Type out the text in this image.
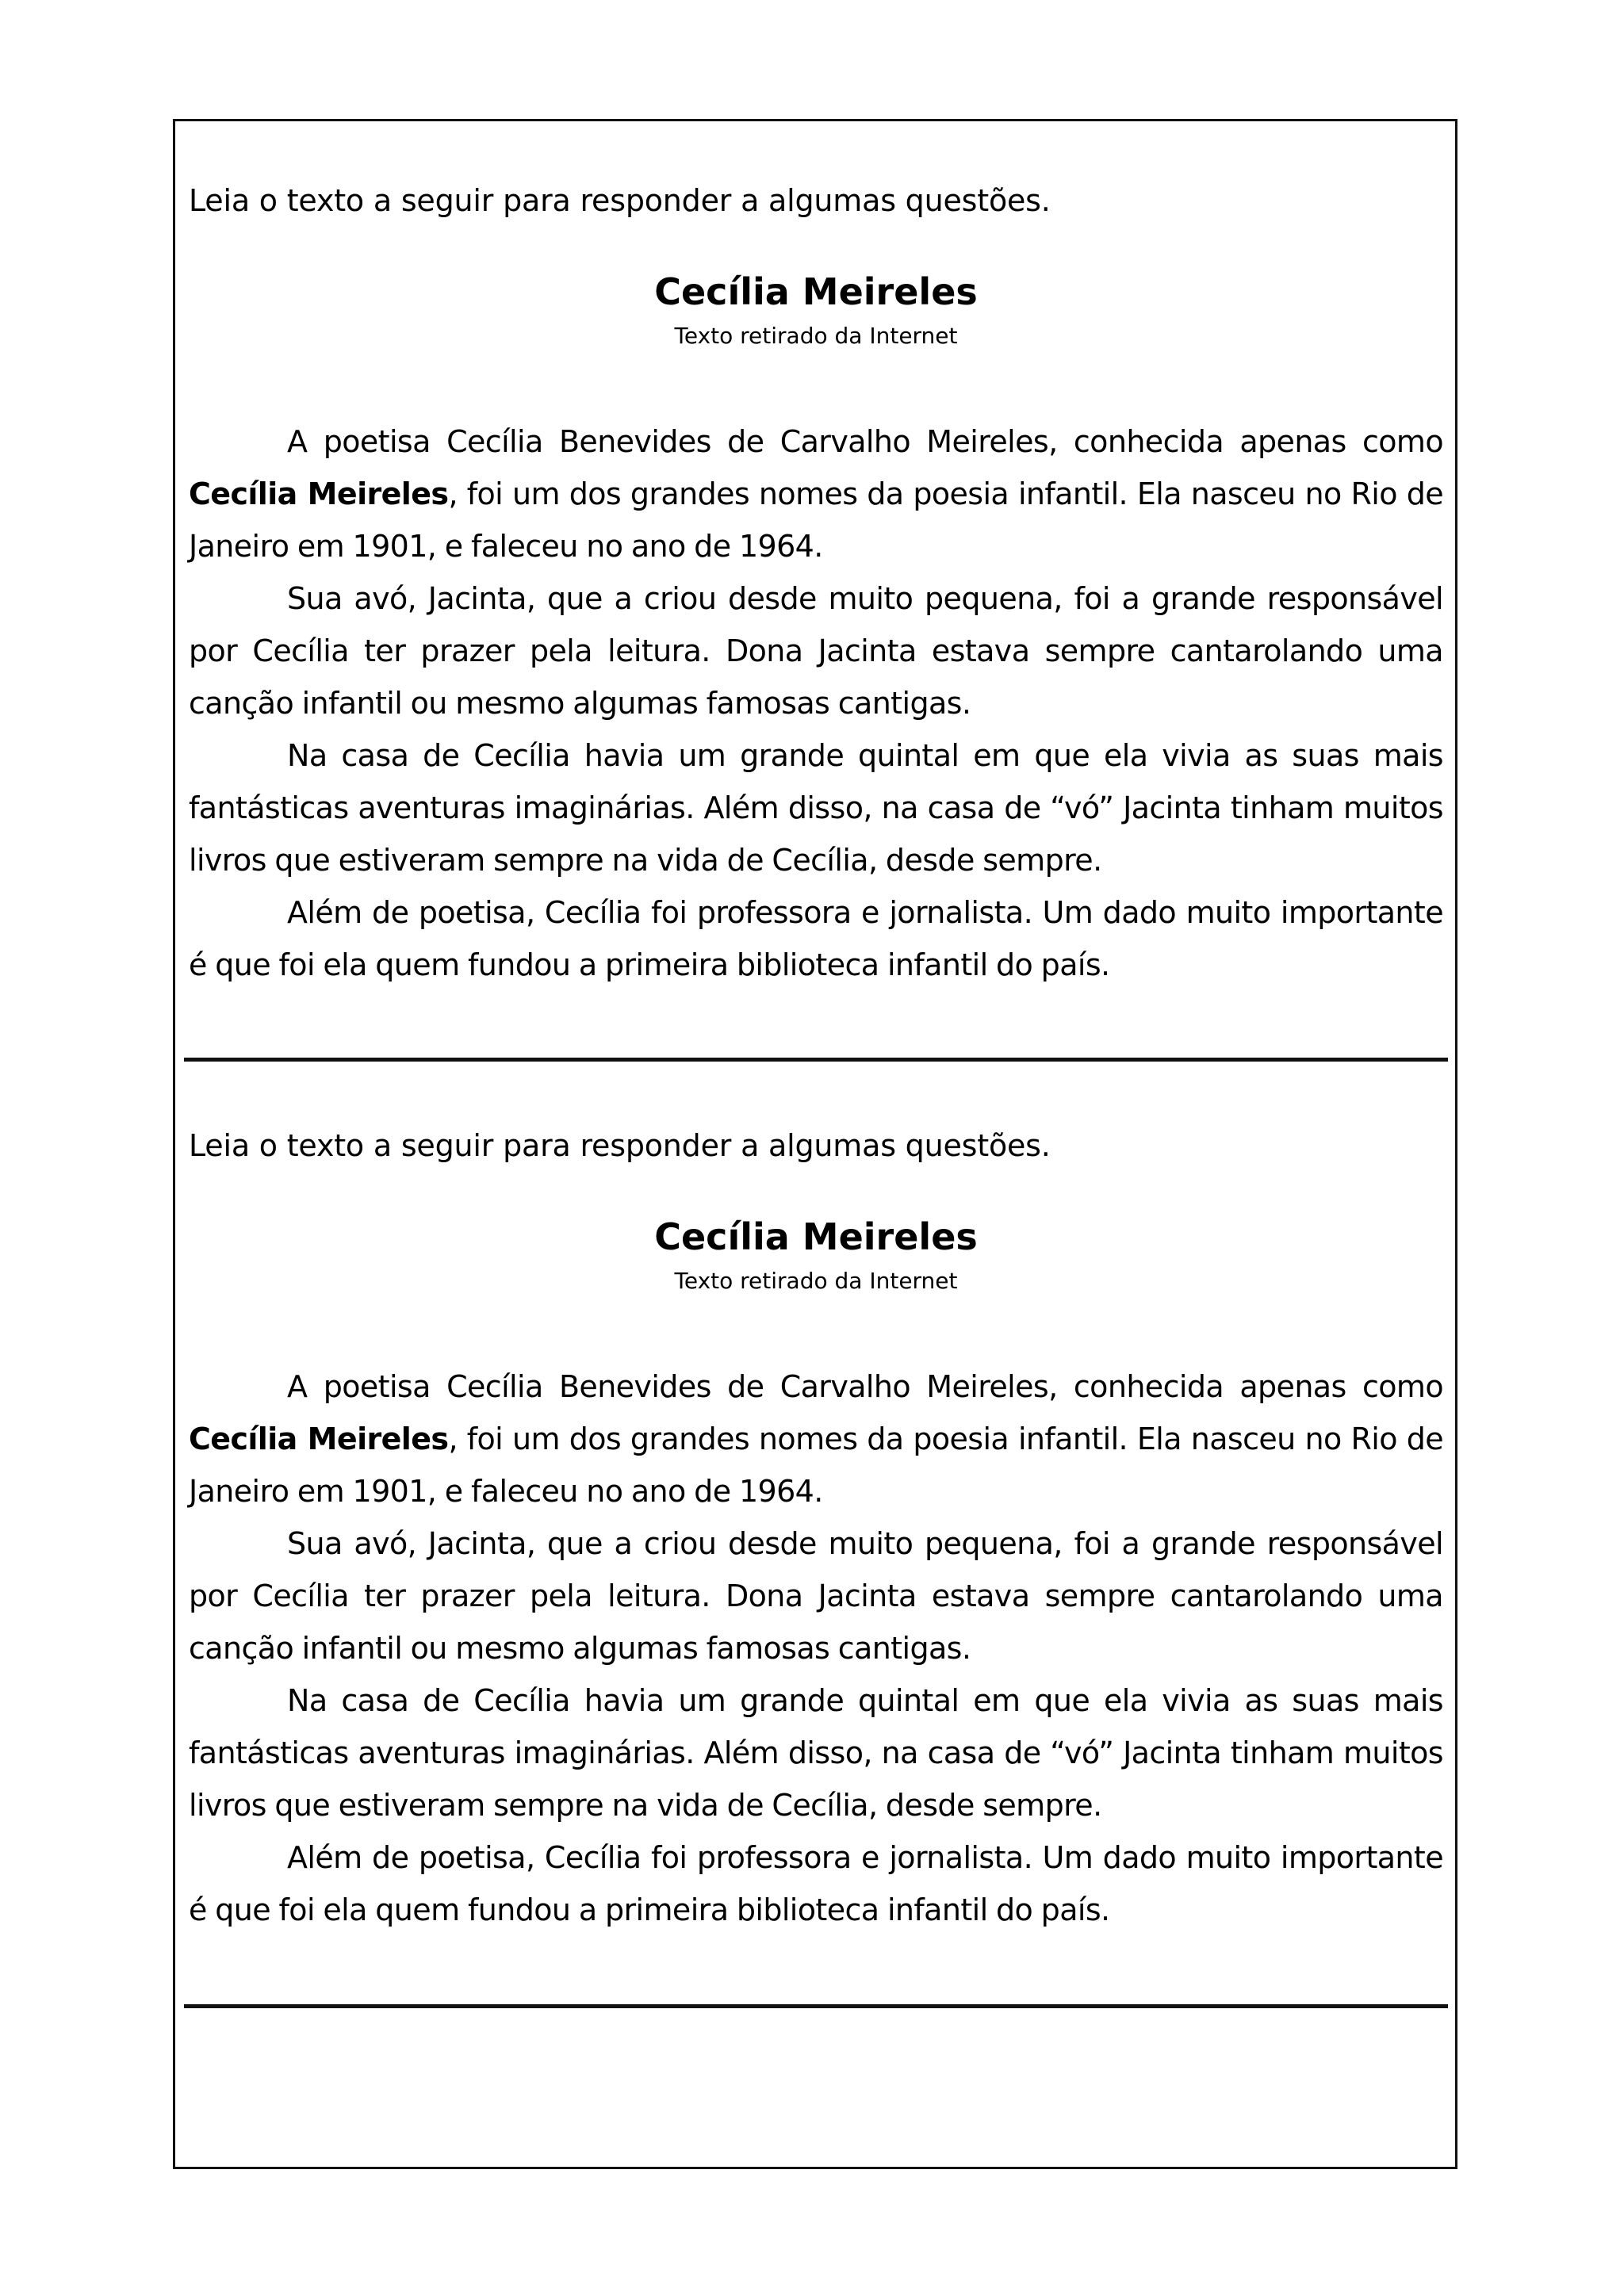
Leia o texto a seguir para responder a algumas questões.

Cecília Meireles

Texto retirado da Internet

A poetisa Cecília Benevides de Carvalho Meireles, conhecida apenas como Cecília Meireles, foi um dos grandes nomes da poesia infantil. Ela nasceu no Rio de Janeiro em 1901, e faleceu no ano de 1964.

Sua avó, Jacinta, que a criou desde muito pequena, foi a grande responsável por Cecília ter prazer pela leitura. Dona Jacinta estava sempre cantarolando uma canção infantil ou mesmo algumas famosas cantigas.

Na casa de Cecília havia um grande quintal em que ela vivia as suas mais fantásticas aventuras imaginárias. Além disso, na casa de “vó” Jacinta tinham muitos livros que estiveram sempre na vida de Cecília, desde sempre.

Além de poetisa, Cecília foi professora e jornalista. Um dado muito importante é que foi ela quem fundou a primeira biblioteca infantil do país.

Leia o texto a seguir para responder a algumas questões.

Cecília Meireles

Texto retirado da Internet

A poetisa Cecília Benevides de Carvalho Meireles, conhecida apenas como Cecília Meireles, foi um dos grandes nomes da poesia infantil. Ela nasceu no Rio de Janeiro em 1901, e faleceu no ano de 1964.

Sua avó, Jacinta, que a criou desde muito pequena, foi a grande responsável por Cecília ter prazer pela leitura. Dona Jacinta estava sempre cantarolando uma canção infantil ou mesmo algumas famosas cantigas.

Na casa de Cecília havia um grande quintal em que ela vivia as suas mais fantásticas aventuras imaginárias. Além disso, na casa de “vó” Jacinta tinham muitos livros que estiveram sempre na vida de Cecília, desde sempre.

Além de poetisa, Cecília foi professora e jornalista. Um dado muito importante é que foi ela quem fundou a primeira biblioteca infantil do país.
